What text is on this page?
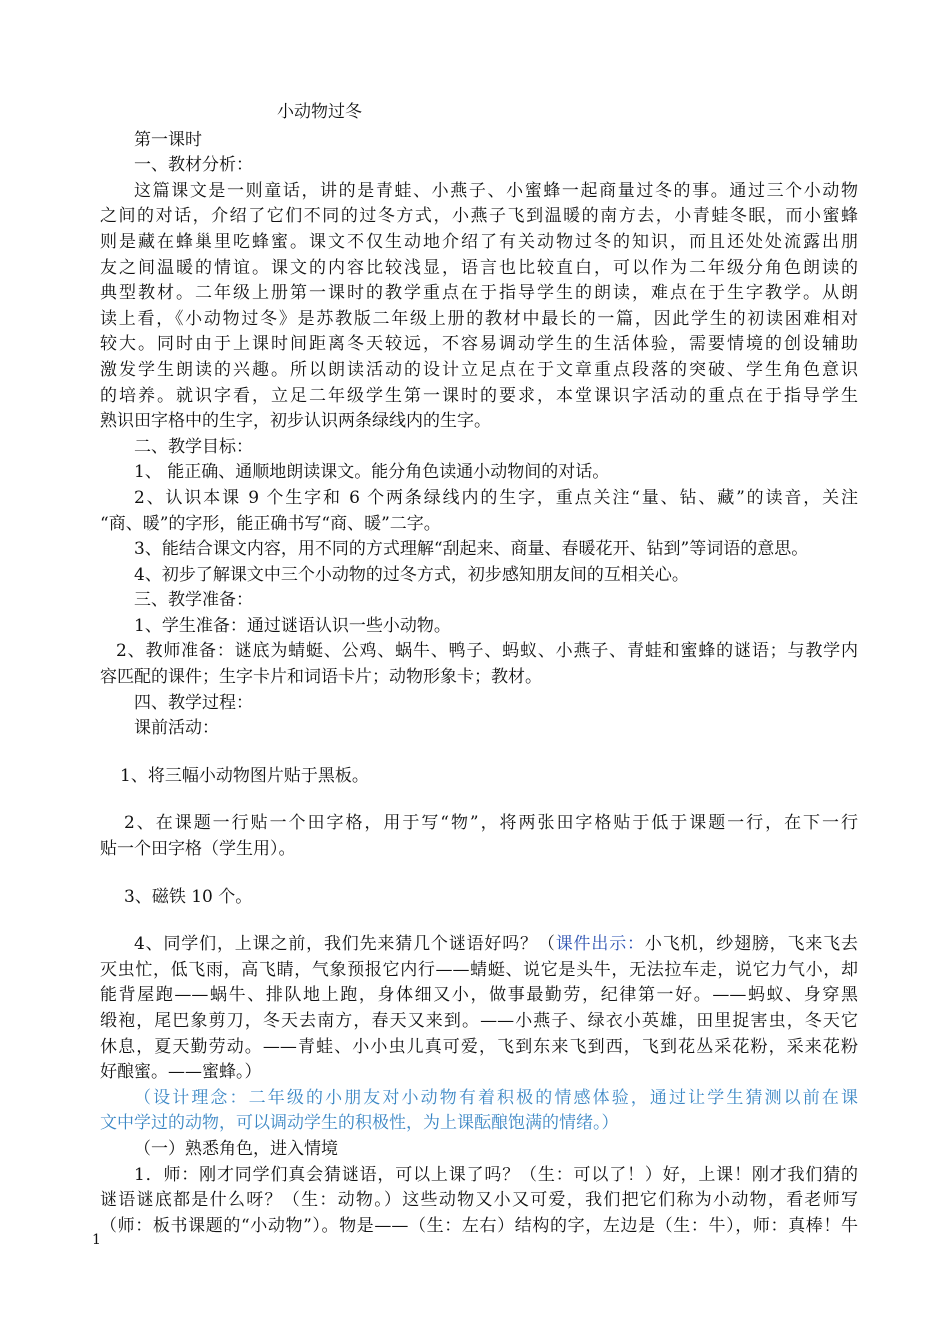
小动物过冬
第一课时
一、教材分析：
这篇课文是一则童话，讲的是青蛙、小燕子、小蜜蜂一起商量过冬的事。通过三个小动物
之间的对话，介绍了它们不同的过冬方式，小燕子飞到温暖的南方去，小青蛙冬眠，而小蜜蜂
则是藏在蜂巢里吃蜂蜜。课文不仅生动地介绍了有关动物过冬的知识，而且还处处流露出朋
友之间温暖的情谊。课文的内容比较浅显，语言也比较直白，可以作为二年级分角色朗读的
典型教材。二年级上册第一课时的教学重点在于指导学生的朗读，难点在于生字教学。从朗
读上看，《小动物过冬》是苏教版二年级上册的教材中最长的一篇，因此学生的初读困难相对
较大。同时由于上课时间距离冬天较远，不容易调动学生的生活体验，需要情境的创设辅助
激发学生朗读的兴趣。所以朗读活动的设计立足点在于文章重点段落的突破、学生角色意识
的培养。就识字看，立足二年级学生第一课时的要求，本堂课识字活动的重点在于指导学生
熟识田字格中的生字，初步认识两条绿线内的生字。
二、教学目标：
1、 能正确、通顺地朗读课文。能分角色读通小动物间的对话。
2、认识本课 9 个生字和 6 个两条绿线内的生字，重点关注“量、钻、藏”的读音，关注
“商、暖”的字形，能正确书写“商、暖”二字。
3、能结合课文内容，用不同的方式理解“刮起来、商量、春暖花开、钻到”等词语的意思。
4、初步了解课文中三个小动物的过冬方式，初步感知朋友间的互相关心。
三、教学准备：
1、学生准备：通过谜语认识一些小动物。
2、教师准备：谜底为蜻蜓、公鸡、蜗牛、鸭子、蚂蚁、小燕子、青蛙和蜜蜂的谜语；与教学内
容匹配的课件；生字卡片和词语卡片；动物形象卡；教材。
四、教学过程：
课前活动：
1、将三幅小动物图片贴于黑板。
2、在课题一行贴一个田字格，用于写“物”，将两张田字格贴于低于课题一行，在下一行
贴一个田字格（学生用）。
3、磁铁 10 个。
4、同学们，上课之前，我们先来猜几个谜语好吗？（课件出示：小飞机，纱翅膀，飞来飞去
灭虫忙，低飞雨，高飞睛，气象预报它内行——蜻蜓、说它是头牛，无法拉车走，说它力气小，却
能背屋跑——蜗牛、排队地上跑，身体细又小，做事最勤劳，纪律第一好。——蚂蚁、身穿黑
缎袍，尾巴象剪刀，冬天去南方，春天又来到。——小燕子、绿衣小英雄，田里捉害虫，冬天它
休息，夏天勤劳动。——青蛙、小小虫儿真可爱，飞到东来飞到西，飞到花丛采花粉，采来花粉
好酿蜜。——蜜蜂。）
（设计理念：二年级的小朋友对小动物有着积极的情感体验，通过让学生猜测以前在课
文中学过的动物，可以调动学生的积极性，为上课酝酿饱满的情绪。）
（一）熟悉角色，进入情境
1．师：刚才同学们真会猜谜语，可以上课了吗？（生：可以了！）好，上课！刚才我们猜的
谜语谜底都是什么呀？（生：动物。）这些动物又小又可爱，我们把它们称为小动物，看老师写
（师：板书课题的“小动物”）。物是——（生：左右）结构的字，左边是（生：牛），师：真棒！牛
1
